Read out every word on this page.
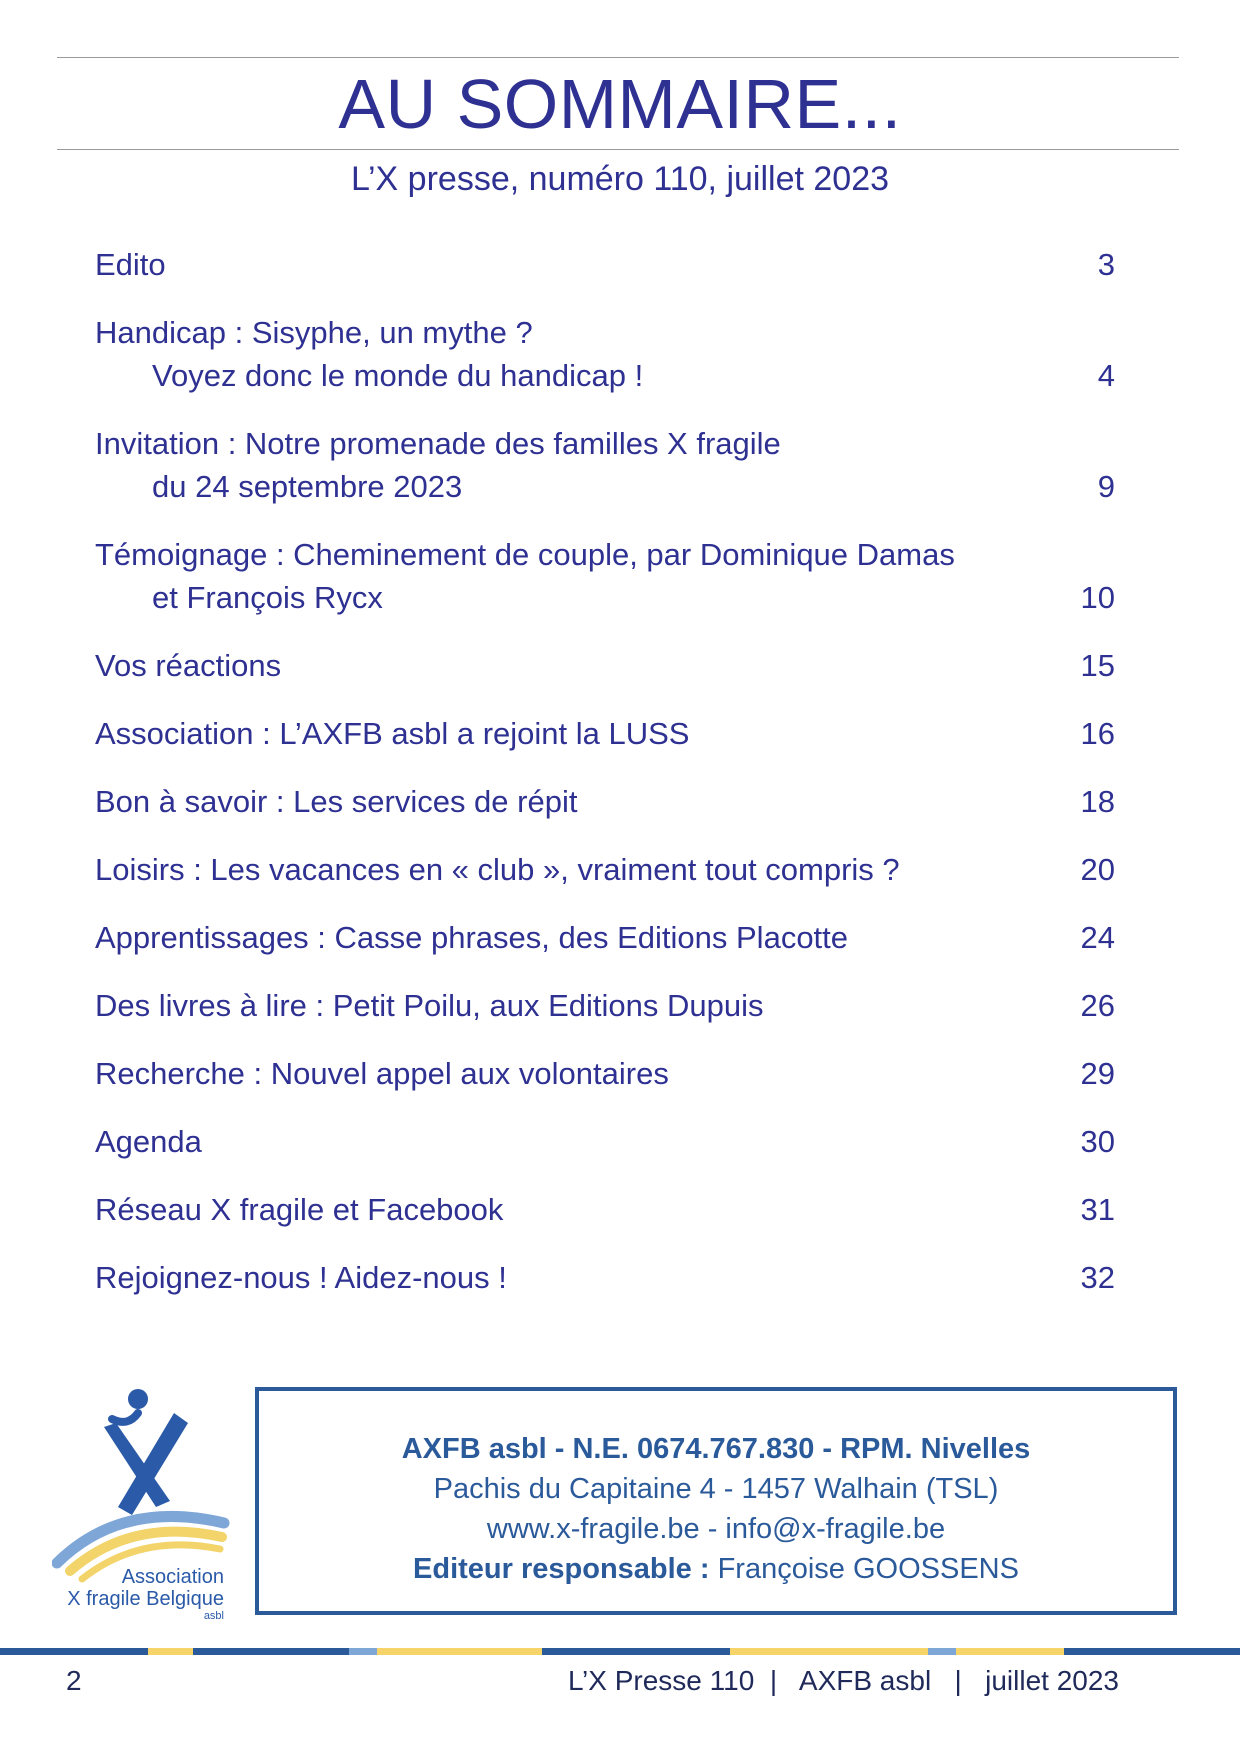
AU SOMMAIRE...
L’X presse, numéro 110, juillet 2023
Edito	3
Handicap : Sisyphe, un mythe ?
Voyez donc le monde du handicap !	4
Invitation : Notre promenade des familles X fragile
du 24 septembre 2023	9
Témoignage : Cheminement de couple, par Dominique Damas
et François Rycx	10
Vos réactions	15
Association : L’AXFB asbl a rejoint la LUSS	16
Bon à savoir : Les services de répit	18
Loisirs : Les vacances en « club », vraiment tout compris ?	20
Apprentissages : Casse phrases, des Editions Placotte	24
Des livres à lire : Petit Poilu, aux Editions Dupuis	26
Recherche : Nouvel appel aux volontaires	29
Agenda	30
Réseau X fragile et Facebook	31
Rejoignez-nous ! Aidez-nous !	32
Association
X fragile Belgique
asbl
AXFB asbl - N.E. 0674.767.830 - RPM. Nivelles
Pachis du Capitaine 4 - 1457 Walhain (TSL)
www.x-fragile.be - info@x-fragile.be
Editeur responsable : Françoise GOOSSENS
2	L’X Presse 110  |   AXFB asbl   |   juillet 2023
